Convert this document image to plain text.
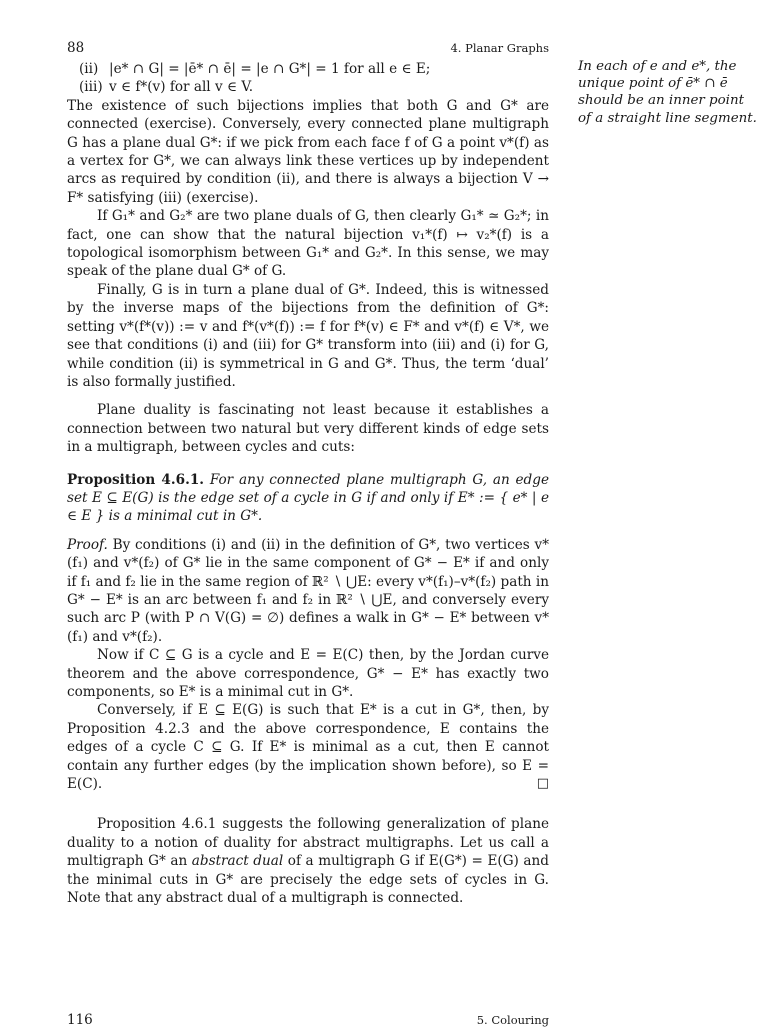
88	4. Planar Graphs
(ii) |e* ∩ G| = |ē* ∩ ē| = |e ∩ G*| = 1 for all e ∈ E;
(iii) v ∈ f*(v) for all v ∈ V.

The existence of such bijections implies that both G and G* are connected (exercise). Conversely, every connected plane multigraph G has a plane dual G*: if we pick from each face f of G a point v*(f) as a vertex for G*, we can always link these vertices up by independent arcs as required by condition (ii), and there is always a bijection V → F* satisfying (iii) (exercise).

If G₁* and G₂* are two plane duals of G, then clearly G₁* ≃ G₂*; in fact, one can show that the natural bijection v₁*(f) ↦ v₂*(f) is a topological isomorphism between G₁* and G₂*. In this sense, we may speak of the plane dual G* of G.

Finally, G is in turn a plane dual of G*. Indeed, this is witnessed by the inverse maps of the bijections from the definition of G*: setting v*(f*(v)) := v and f*(v*(f)) := f for f*(v) ∈ F* and v*(f) ∈ V*, we see that conditions (i) and (iii) for G* transform into (iii) and (i) for G, while condition (ii) is symmetrical in G and G*. Thus, the term ‘dual’ is also formally justified.

Plane duality is fascinating not least because it establishes a connection between two natural but very different kinds of edge sets in a multigraph, between cycles and cuts:

Proposition 4.6.1. For any connected plane multigraph G, an edge set E ⊆ E(G) is the edge set of a cycle in G if and only if E* := { e* | e ∈ E } is a minimal cut in G*.

Proof. By conditions (i) and (ii) in the definition of G*, two vertices v*(f₁) and v*(f₂) of G* lie in the same component of G* − E* if and only if f₁ and f₂ lie in the same region of ℝ² ∖ ⋃E: every v*(f₁)–v*(f₂) path in G* − E* is an arc between f₁ and f₂ in ℝ² ∖ ⋃E, and conversely every such arc P (with P ∩ V(G) = ∅) defines a walk in G* − E* between v*(f₁) and v*(f₂).

Now if C ⊆ G is a cycle and E = E(C) then, by the Jordan curve theorem and the above correspondence, G* − E* has exactly two components, so E* is a minimal cut in G*.

Conversely, if E ⊆ E(G) is such that E* is a cut in G*, then, by Proposition 4.2.3 and the above correspondence, E contains the edges of a cycle C ⊆ G. If E* is minimal as a cut, then E cannot contain any further edges (by the implication shown before), so E = E(C).	□

Proposition 4.6.1 suggests the following generalization of plane duality to a notion of duality for abstract multigraphs. Let us call a multigraph G* an abstract dual of a multigraph G if E(G*) = E(G) and the minimal cuts in G* are precisely the edge sets of cycles in G. Note that any abstract dual of a multigraph is connected.

In each of e and e*, the unique point of ē* ∩ ē should be an inner point of a straight line segment.
116	5. Colouring
